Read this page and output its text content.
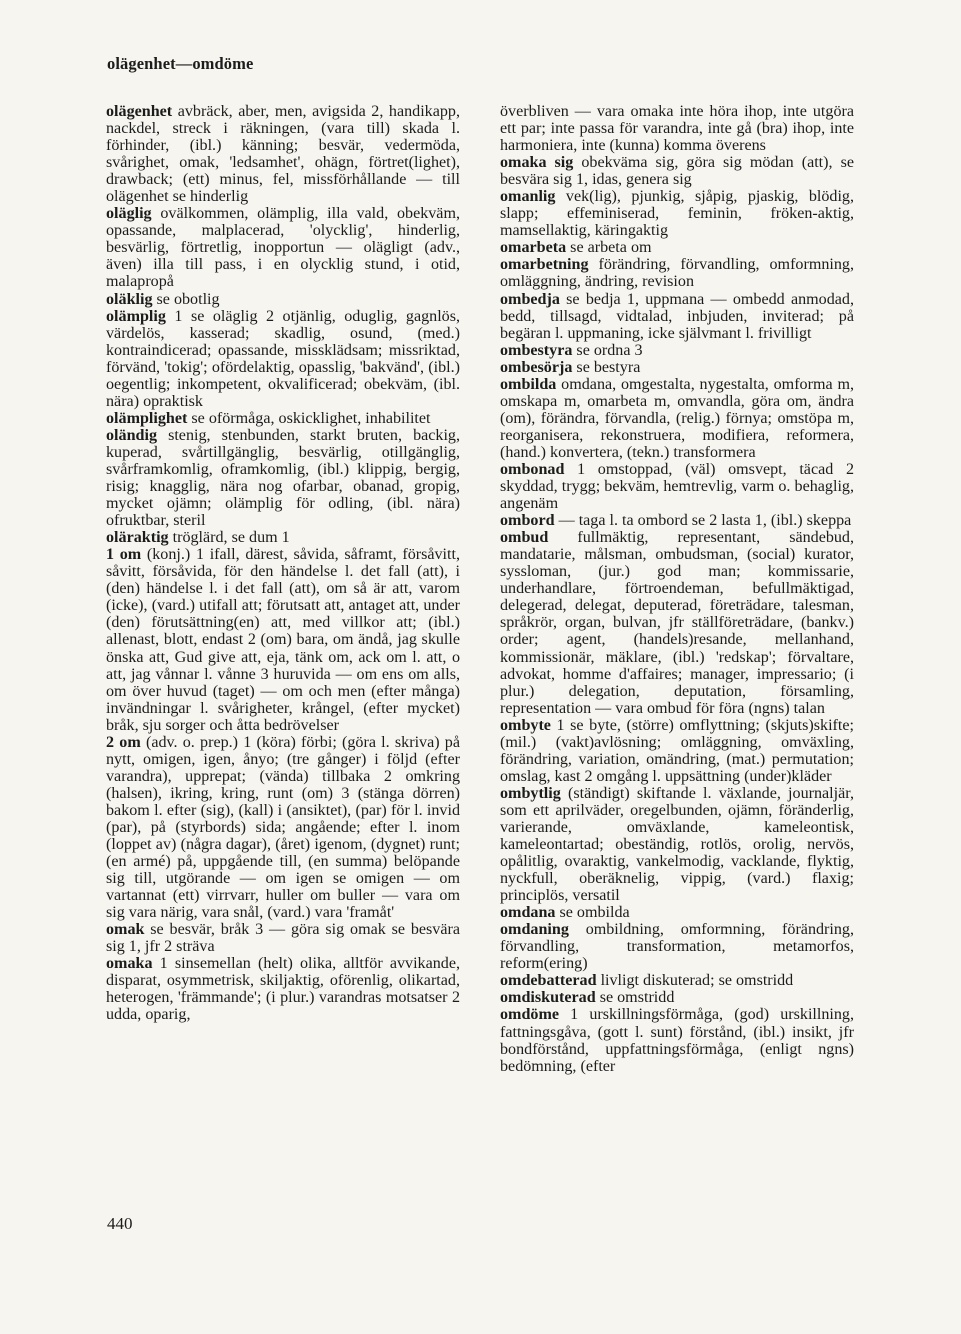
olägenhet—omdöme

olägenhet avbräck, aber, men, avigsida 2, handikapp, nackdel, streck i räkningen, (vara till) skada l. förhinder, (ibl.) känning; besvär, vedermöda, svårighet, omak, 'ledsamhet', ohägn, förtret(lighet), drawback; (ett) minus, fel, missförhållande — till olägenhet se hinderlig

oläglig ovälkommen, olämplig, illa vald, obekväm, opassande, malplacerad, 'olycklig', hinderlig, besvärlig, förtretlig, inopportun — olägligt (adv., även) illa till pass, i en olycklig stund, i otid, malapropå

oläklig se obotlig

olämplig 1 se oläglig 2 otjänlig, oduglig, gagnlös, värdelös, kasserad; skadlig, osund, (med.) kontraindicerad; opassande, missklädsam; missriktad, förvänd, 'tokig'; ofördelaktig, opasslig, 'bakvänd', (ibl.) oegentlig; inkompetent, okvalificerad; obekväm, (ibl. nära) opraktisk

olämplighet se oförmåga, oskicklighet, inhabilitet

oländig stenig, stenbunden, starkt bruten, backig, kuperad, svårtillgänglig, besvärlig, otillgänglig, svårframkomlig, oframkomlig, (ibl.) klippig, bergig, risig; knagglig, nära nog ofarbar, obanad, gropig, mycket ojämn; olämplig för odling, (ibl. nära) ofruktbar, steril

oläraktig tröglärd, se dum 1

1 om (konj.) 1 ifall, därest, såvida, såframt, försåvitt, såvitt, försåvida, för den händelse l. det fall (att), i (den) händelse l. i det fall (att), om så är att, varom (icke), (vard.) utifall att; förutsatt att, antaget att, under (den) förutsättning(en) att, med villkor att; (ibl.) allenast, blott, endast 2 (om) bara, om ändå, jag skulle önska att, Gud give att, eja, tänk om, ack om l. att, o att, jag vånnar l. vånne 3 huruvida — om ens om alls, om över huvud (taget) — om och men (efter många) invändningar l. svårigheter, krångel, (efter mycket) bråk, sju sorger och åtta bedrövelser

2 om (adv. o. prep.) 1 (köra) förbi; (göra l. skriva) på nytt, omigen, igen, ånyo; (tre gånger) i följd (efter varandra), upprepat; (vända) tillbaka 2 omkring (halsen), ikring, kring, runt (om) 3 (stänga dörren) bakom l. efter (sig), (kall) i (ansiktet), (par) för l. invid (par), på (styrbords) sida; angående; efter l. inom (loppet av) (några dagar), (året) igenom, (dygnet) runt; (en armé) på, uppgående till, (en summa) belöpande sig till, utgörande — om igen se omigen — om vartannat (ett) virrvarr, huller om buller — vara om sig vara närig, vara snål, (vard.) vara 'framåt'

omak se besvär, bråk 3 — göra sig omak se besvära sig 1, jfr 2 sträva

omaka 1 sinsemellan (helt) olika, alltför avvikande, disparat, osymmetrisk, skiljaktig, oförenlig, olikartad, heterogen, 'främmande'; (i plur.) varandras motsatser 2 udda, oparig,

överbliven — vara omaka inte höra ihop, inte utgöra ett par; inte passa för varandra, inte gå (bra) ihop, inte harmoniera, inte (kunna) komma överens

omaka sig obekväma sig, göra sig mödan (att), se besvära sig 1, idas, genera sig

omanlig vek(lig), pjunkig, sjåpig, pjaskig, blödig, slapp; effeminiserad, feminin, fröken-aktig, mamsellaktig, käringaktig

omarbeta se arbeta om

omarbetning förändring, förvandling, omformning, omläggning, ändring, revision

ombedja se bedja 1, uppmana — ombedd anmodad, bedd, tillsagd, vidtalad, inbjuden, inviterad; på begäran l. uppmaning, icke självmant l. frivilligt

ombestyra se ordna 3

ombesörja se bestyra

ombilda omdana, omgestalta, nygestalta, omforma m, omskapa m, omarbeta m, omvandla, göra om, ändra (om), förändra, förvandla, (relig.) förnya; omstöpa m, reorganisera, rekonstruera, modifiera, reformera, (hand.) konvertera, (tekn.) transformera

ombonad 1 omstoppad, (väl) omsvept, täcad 2 skyddad, trygg; bekväm, hemtrevlig, varm o. behaglig, angenäm

ombord — taga l. ta ombord se 2 lasta 1, (ibl.) skeppa

ombud fullmäktig, representant, sändebud, mandatarie, målsman, ombudsman, (social) kurator, syssloman, (jur.) god man; kommissarie, underhandlare, förtroendeman, befullmäktigad, delegerad, delegat, deputerad, företrädare, talesman, språkrör, organ, bulvan, jfr ställföreträdare, (bankv.) order; agent, (handels)resande, mellanhand, kommissionär, mäklare, (ibl.) 'redskap'; förvaltare, advokat, homme d'affaires; manager, impressario; (i plur.) delegation, deputation, församling, representation — vara ombud för föra (ngns) talan

ombyte 1 se byte, (större) omflyttning; (skjuts)skifte; (mil.) (vakt)avlösning; omläggning, omväxling, förändring, variation, omändring, (mat.) permutation; omslag, kast 2 omgång l. uppsättning (under)kläder

ombytlig (ständigt) skiftande l. växlande, journaljär, som ett aprilväder, oregelbunden, ojämn, föränderlig, varierande, omväxlande, kameleontisk, kameleontartad; obeständig, rotlös, orolig, nervös, opålitlig, ovaraktig, vankelmodig, vacklande, flyktig, nyckfull, oberäknelig, vippig, (vard.) flaxig; principlös, versatil

omdana se ombilda

omdaning ombildning, omformning, förändring, förvandling, transformation, metamorfos, reform(ering)

omdebatterad livligt diskuterad; se omstridd

omdiskuterad se omstridd

omdöme 1 urskillningsförmåga, (god) urskillning, fattningsgåva, (gott l. sunt) förstånd, (ibl.) insikt, jfr bondförstånd, uppfattningsförmåga, (enligt ngns) bedömning, (efter

440
